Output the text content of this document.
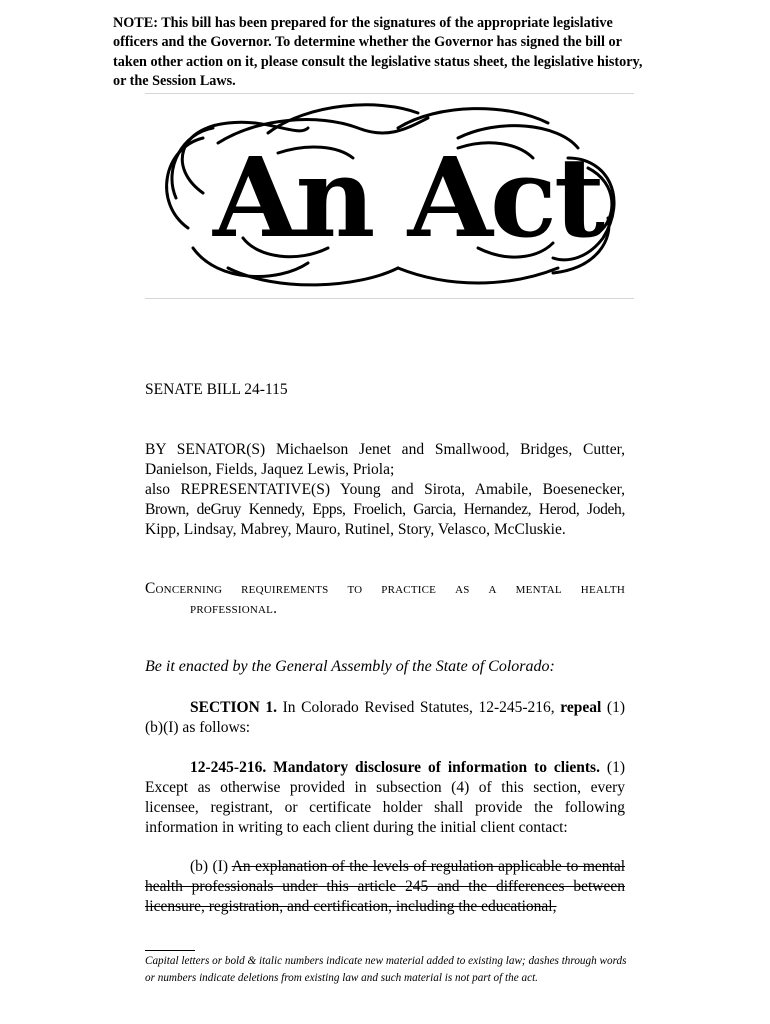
NOTE: This bill has been prepared for the signatures of the appropriate legislative officers and the Governor. To determine whether the Governor has signed the bill or taken other action on it, please consult the legislative status sheet, the legislative history, or the Session Laws.
An Act
SENATE BILL 24-115
BY SENATOR(S) Michaelson Jenet and Smallwood, Bridges, Cutter,
Danielson, Fields, Jaquez Lewis, Priola;
also REPRESENTATIVE(S) Young and Sirota, Amabile, Boesenecker,
Brown, deGruy Kennedy, Epps, Froelich, Garcia, Hernandez, Herod, Jodeh,
Kipp, Lindsay, Mabrey, Mauro, Rutinel, Story, Velasco, McCluskie.
Concerning requirements to practice as a mental health
professional.
Be it enacted by the General Assembly of the State of Colorado:
SECTION 1. In Colorado Revised Statutes, 12-245-216, repeal (1)(b)(I) as follows:
12-245-216. Mandatory disclosure of information to clients. (1) Except as otherwise provided in subsection (4) of this section, every licensee, registrant, or certificate holder shall provide the following information in writing to each client during the initial client contact:
(b) (I) An explanation of the levels of regulation applicable to mental health professionals under this article 245 and the differences between licensure, registration, and certification, including the educational,
Capital letters or bold & italic numbers indicate new material added to existing law; dashes through words or numbers indicate deletions from existing law and such material is not part of the act.
